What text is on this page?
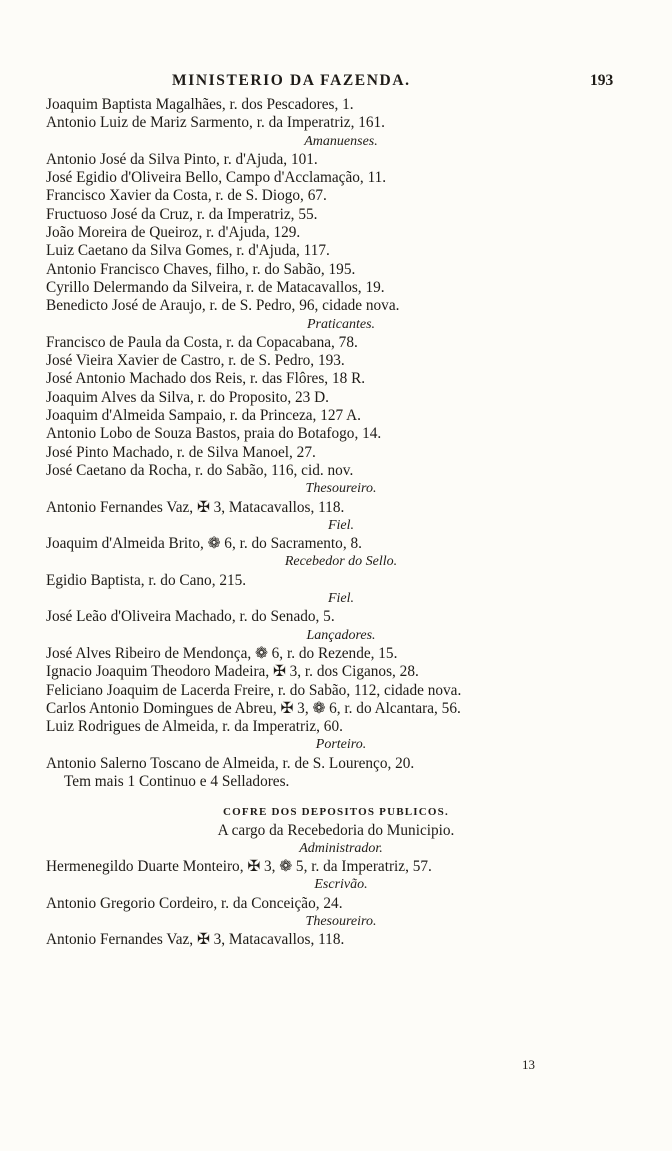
MINISTERIO DA FAZENDA.	193
Joaquim Baptista Magalhães, r. dos Pescadores, 1.
Antonio Luiz de Mariz Sarmento, r. da Imperatriz, 161.
Amanuenses.
Antonio José da Silva Pinto, r. d'Ajuda, 101.
José Egidio d'Oliveira Bello, Campo d'Acclamação, 11.
Francisco Xavier da Costa, r. de S. Diogo, 67.
Fructuoso José da Cruz, r. da Imperatriz, 55.
João Moreira de Queiroz, r. d'Ajuda, 129.
Luiz Caetano da Silva Gomes, r. d'Ajuda, 117.
Antonio Francisco Chaves, filho, r. do Sabão, 195.
Cyrillo Delermando da Silveira, r. de Matacavallos, 19.
Benedicto José de Araujo, r. de S. Pedro, 96, cidade nova.
Praticantes.
Francisco de Paula da Costa, r. da Copacabana, 78.
José Vieira Xavier de Castro, r. de S. Pedro, 193.
José Antonio Machado dos Reis, r. das Flôres, 18 R.
Joaquim Alves da Silva, r. do Proposito, 23 D.
Joaquim d'Almeida Sampaio, r. da Princeza, 127 A.
Antonio Lobo de Souza Bastos, praia do Botafogo, 14.
José Pinto Machado, r. de Silva Manoel, 27.
José Caetano da Rocha, r. do Sabão, 116, cid. nov.
Thesoureiro.
Antonio Fernandes Vaz, ✠ 3, Matacavallos, 118.
Fiel.
Joaquim d'Almeida Brito, ❁ 6, r. do Sacramento, 8.
Recebedor do Sello.
Egidio Baptista, r. do Cano, 215.
Fiel.
José Leão d'Oliveira Machado, r. do Senado, 5.
Lançadores.
José Alves Ribeiro de Mendonça, ❁ 6, r. do Rezende, 15.
Ignacio Joaquim Theodoro Madeira, ✠ 3, r. dos Ciganos, 28.
Feliciano Joaquim de Lacerda Freire, r. do Sabão, 112, cidade nova.
Carlos Antonio Domingues de Abreu, ✠ 3, ❁ 6, r. do Alcantara, 56.
Luiz Rodrigues de Almeida, r. da Imperatriz, 60.
Porteiro.
Antonio Salerno Toscano de Almeida, r. de S. Lourenço, 20.
Tem mais 1 Continuo e 4 Selladores.
COFRE DOS DEPOSITOS PUBLICOS.
A cargo da Recebedoria do Municipio.
Administrador.
Hermenegildo Duarte Monteiro, ✠ 3, ❁ 5, r. da Imperatriz, 57.
Escrivão.
Antonio Gregorio Cordeiro, r. da Conceição, 24.
Thesoureiro.
Antonio Fernandes Vaz, ✠ 3, Matacavallos, 118.
13
